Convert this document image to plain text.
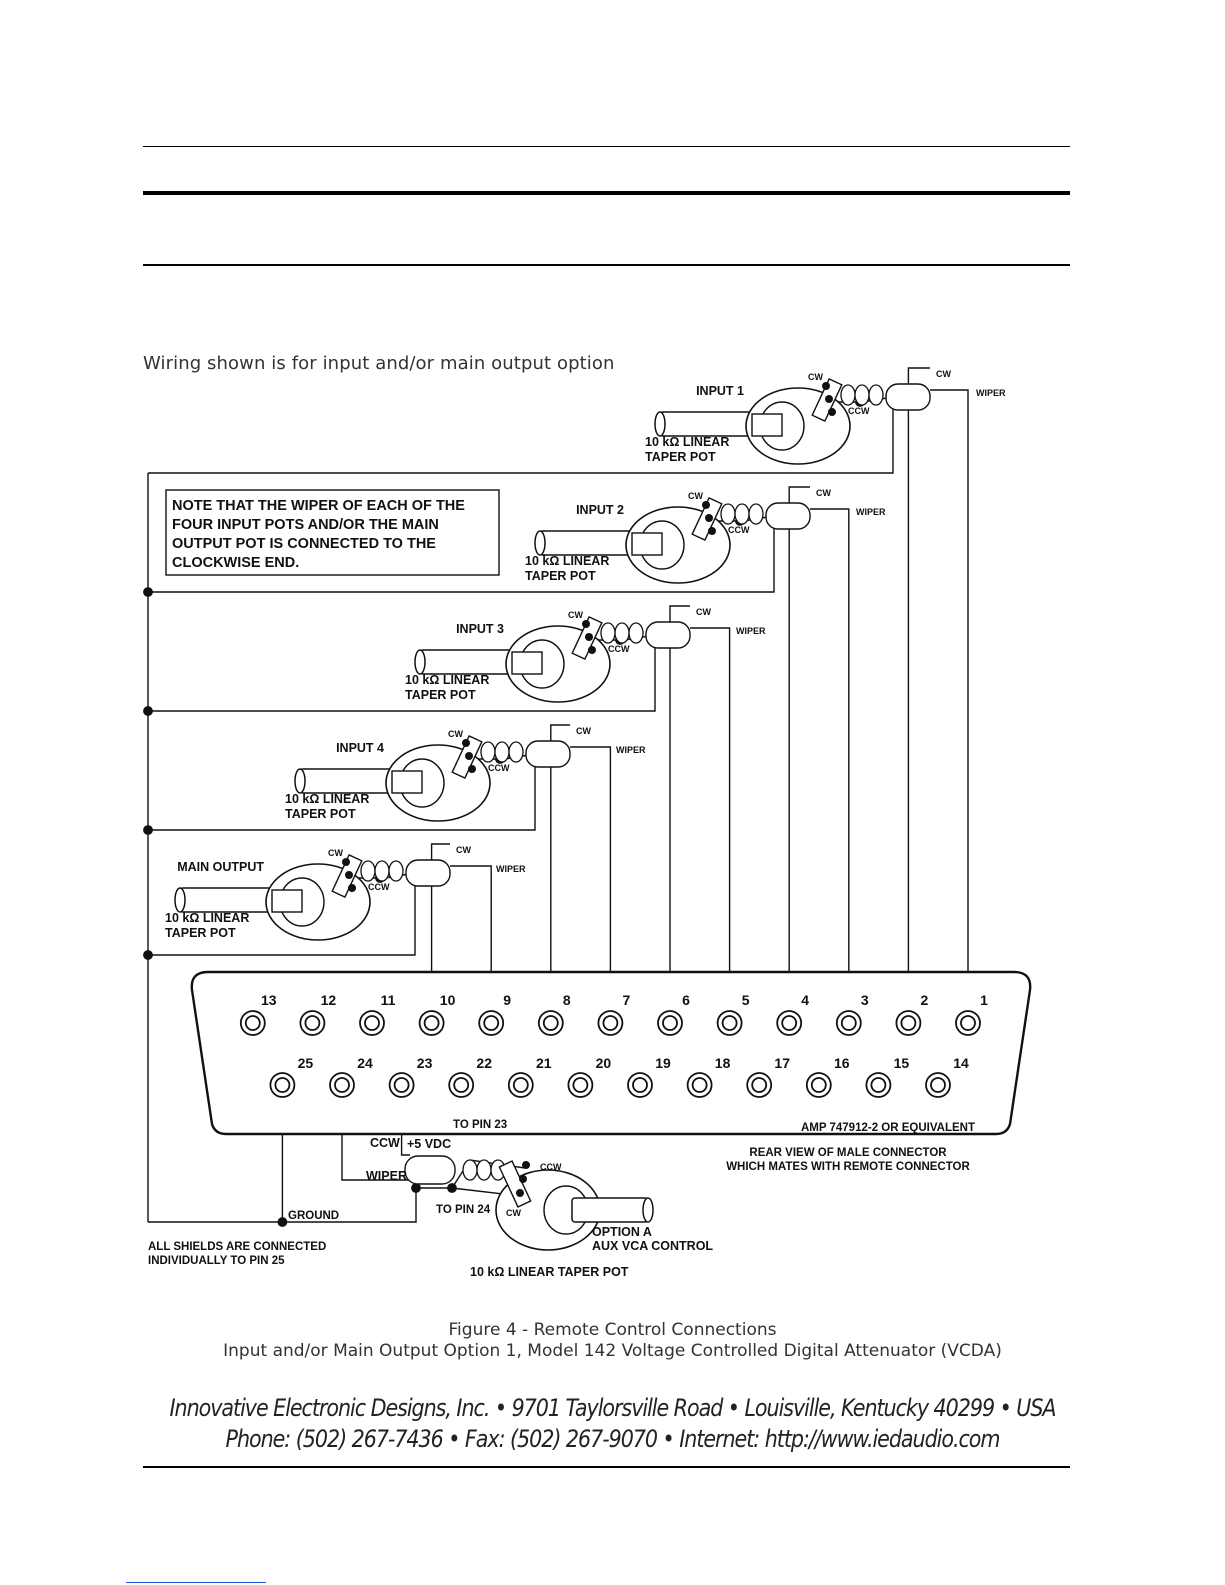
Wiring shown is for input and/or main output option
NOTE THAT THE WIPER OF EACH OF THE
FOUR INPUT POTS AND/OR THE MAIN
OUTPUT POT IS CONNECTED TO THE
CLOCKWISE END.
INPUT 1
10 kΩ LINEAR
TAPER POT
CW
CCW
CW
WIPER
INPUT 2
10 kΩ LINEAR
TAPER POT
CW
CCW
CW
WIPER
INPUT 3
10 kΩ LINEAR
TAPER POT
CW
CCW
CW
WIPER
INPUT 4
10 kΩ LINEAR
TAPER POT
CW
CCW
CW
WIPER
MAIN OUTPUT
10 kΩ LINEAR
TAPER POT
CW
CCW
CW
WIPER
13	12	11	10	9	8	7	6	5	4	3	2	1
25	24	23	22	21	20	19	18	17	16	15	14
AMP 747912-2 OR EQUIVALENT
REAR VIEW OF MALE CONNECTOR
WHICH MATES WITH REMOTE CONNECTOR
TO PIN 23
CCW +5 VDC
WIPER
TO PIN 24
GROUND
CCW
CW
OPTION A
AUX VCA CONTROL
10 kΩ LINEAR TAPER POT
ALL SHIELDS ARE CONNECTED
INDIVIDUALLY TO PIN 25
Figure 4 - Remote Control Connections
Input and/or Main Output Option 1, Model 142 Voltage Controlled Digital Attenuator (VCDA)
Innovative Electronic Designs, Inc. • 9701 Taylorsville Road • Louisville, Kentucky 40299 • USA
Phone: (502) 267-7436 • Fax: (502) 267-9070 • Internet: http://www.iedaudio.com
